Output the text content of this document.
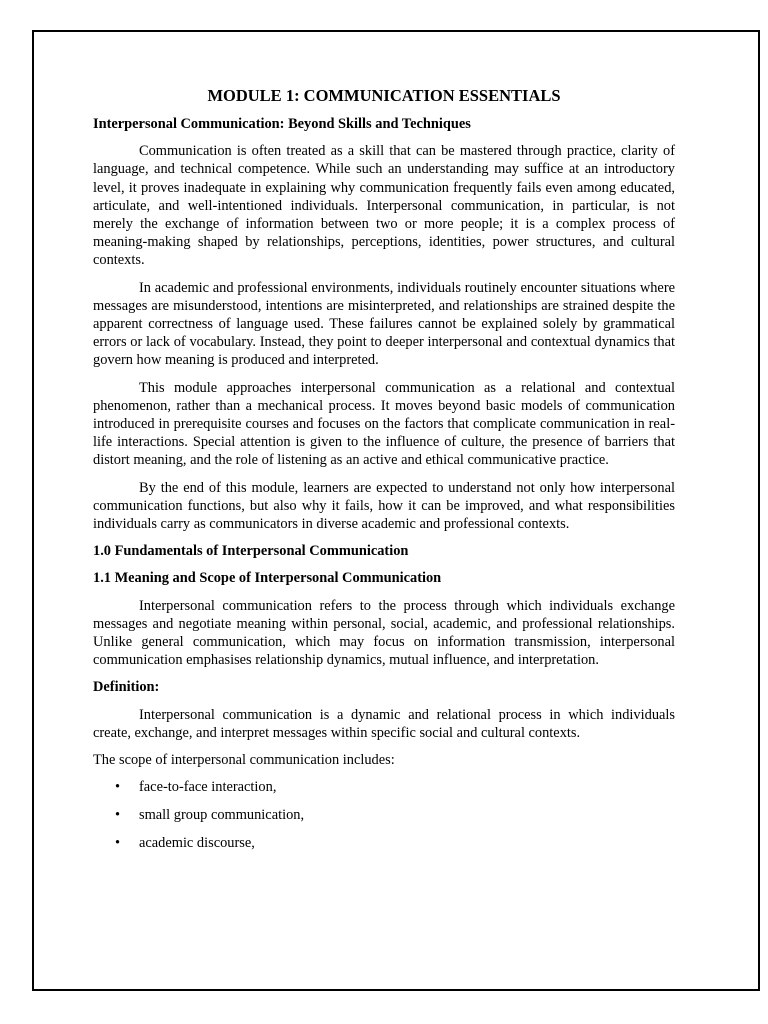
MODULE 1: COMMUNICATION ESSENTIALS
Interpersonal Communication: Beyond Skills and Techniques

Communication is often treated as a skill that can be mastered through practice, clarity of language, and technical competence. While such an understanding may suffice at an introductory level, it proves inadequate in explaining why communication frequently fails even among educated, articulate, and well-intentioned individuals. Interpersonal communication, in particular, is not merely the exchange of information between two or more people; it is a complex process of meaning-making shaped by relationships, perceptions, identities, power structures, and cultural contexts.

In academic and professional environments, individuals routinely encounter situations where messages are misunderstood, intentions are misinterpreted, and relationships are strained despite the apparent correctness of language used. These failures cannot be explained solely by grammatical errors or lack of vocabulary. Instead, they point to deeper interpersonal and contextual dynamics that govern how meaning is produced and interpreted.

This module approaches interpersonal communication as a relational and contextual phenomenon, rather than a mechanical process. It moves beyond basic models of communication introduced in prerequisite courses and focuses on the factors that complicate communication in real-life interactions. Special attention is given to the influence of culture, the presence of barriers that distort meaning, and the role of listening as an active and ethical communicative practice.

By the end of this module, learners are expected to understand not only how interpersonal communication functions, but also why it fails, how it can be improved, and what responsibilities individuals carry as communicators in diverse academic and professional contexts.

1.0 Fundamentals of Interpersonal Communication
1.1 Meaning and Scope of Interpersonal Communication

Interpersonal communication refers to the process through which individuals exchange messages and negotiate meaning within personal, social, academic, and professional relationships. Unlike general communication, which may focus on information transmission, interpersonal communication emphasises relationship dynamics, mutual influence, and interpretation.

Definition:

Interpersonal communication is a dynamic and relational process in which individuals create, exchange, and interpret messages within specific social and cultural contexts.

The scope of interpersonal communication includes:

• face-to-face interaction,
• small group communication,
• academic discourse,
